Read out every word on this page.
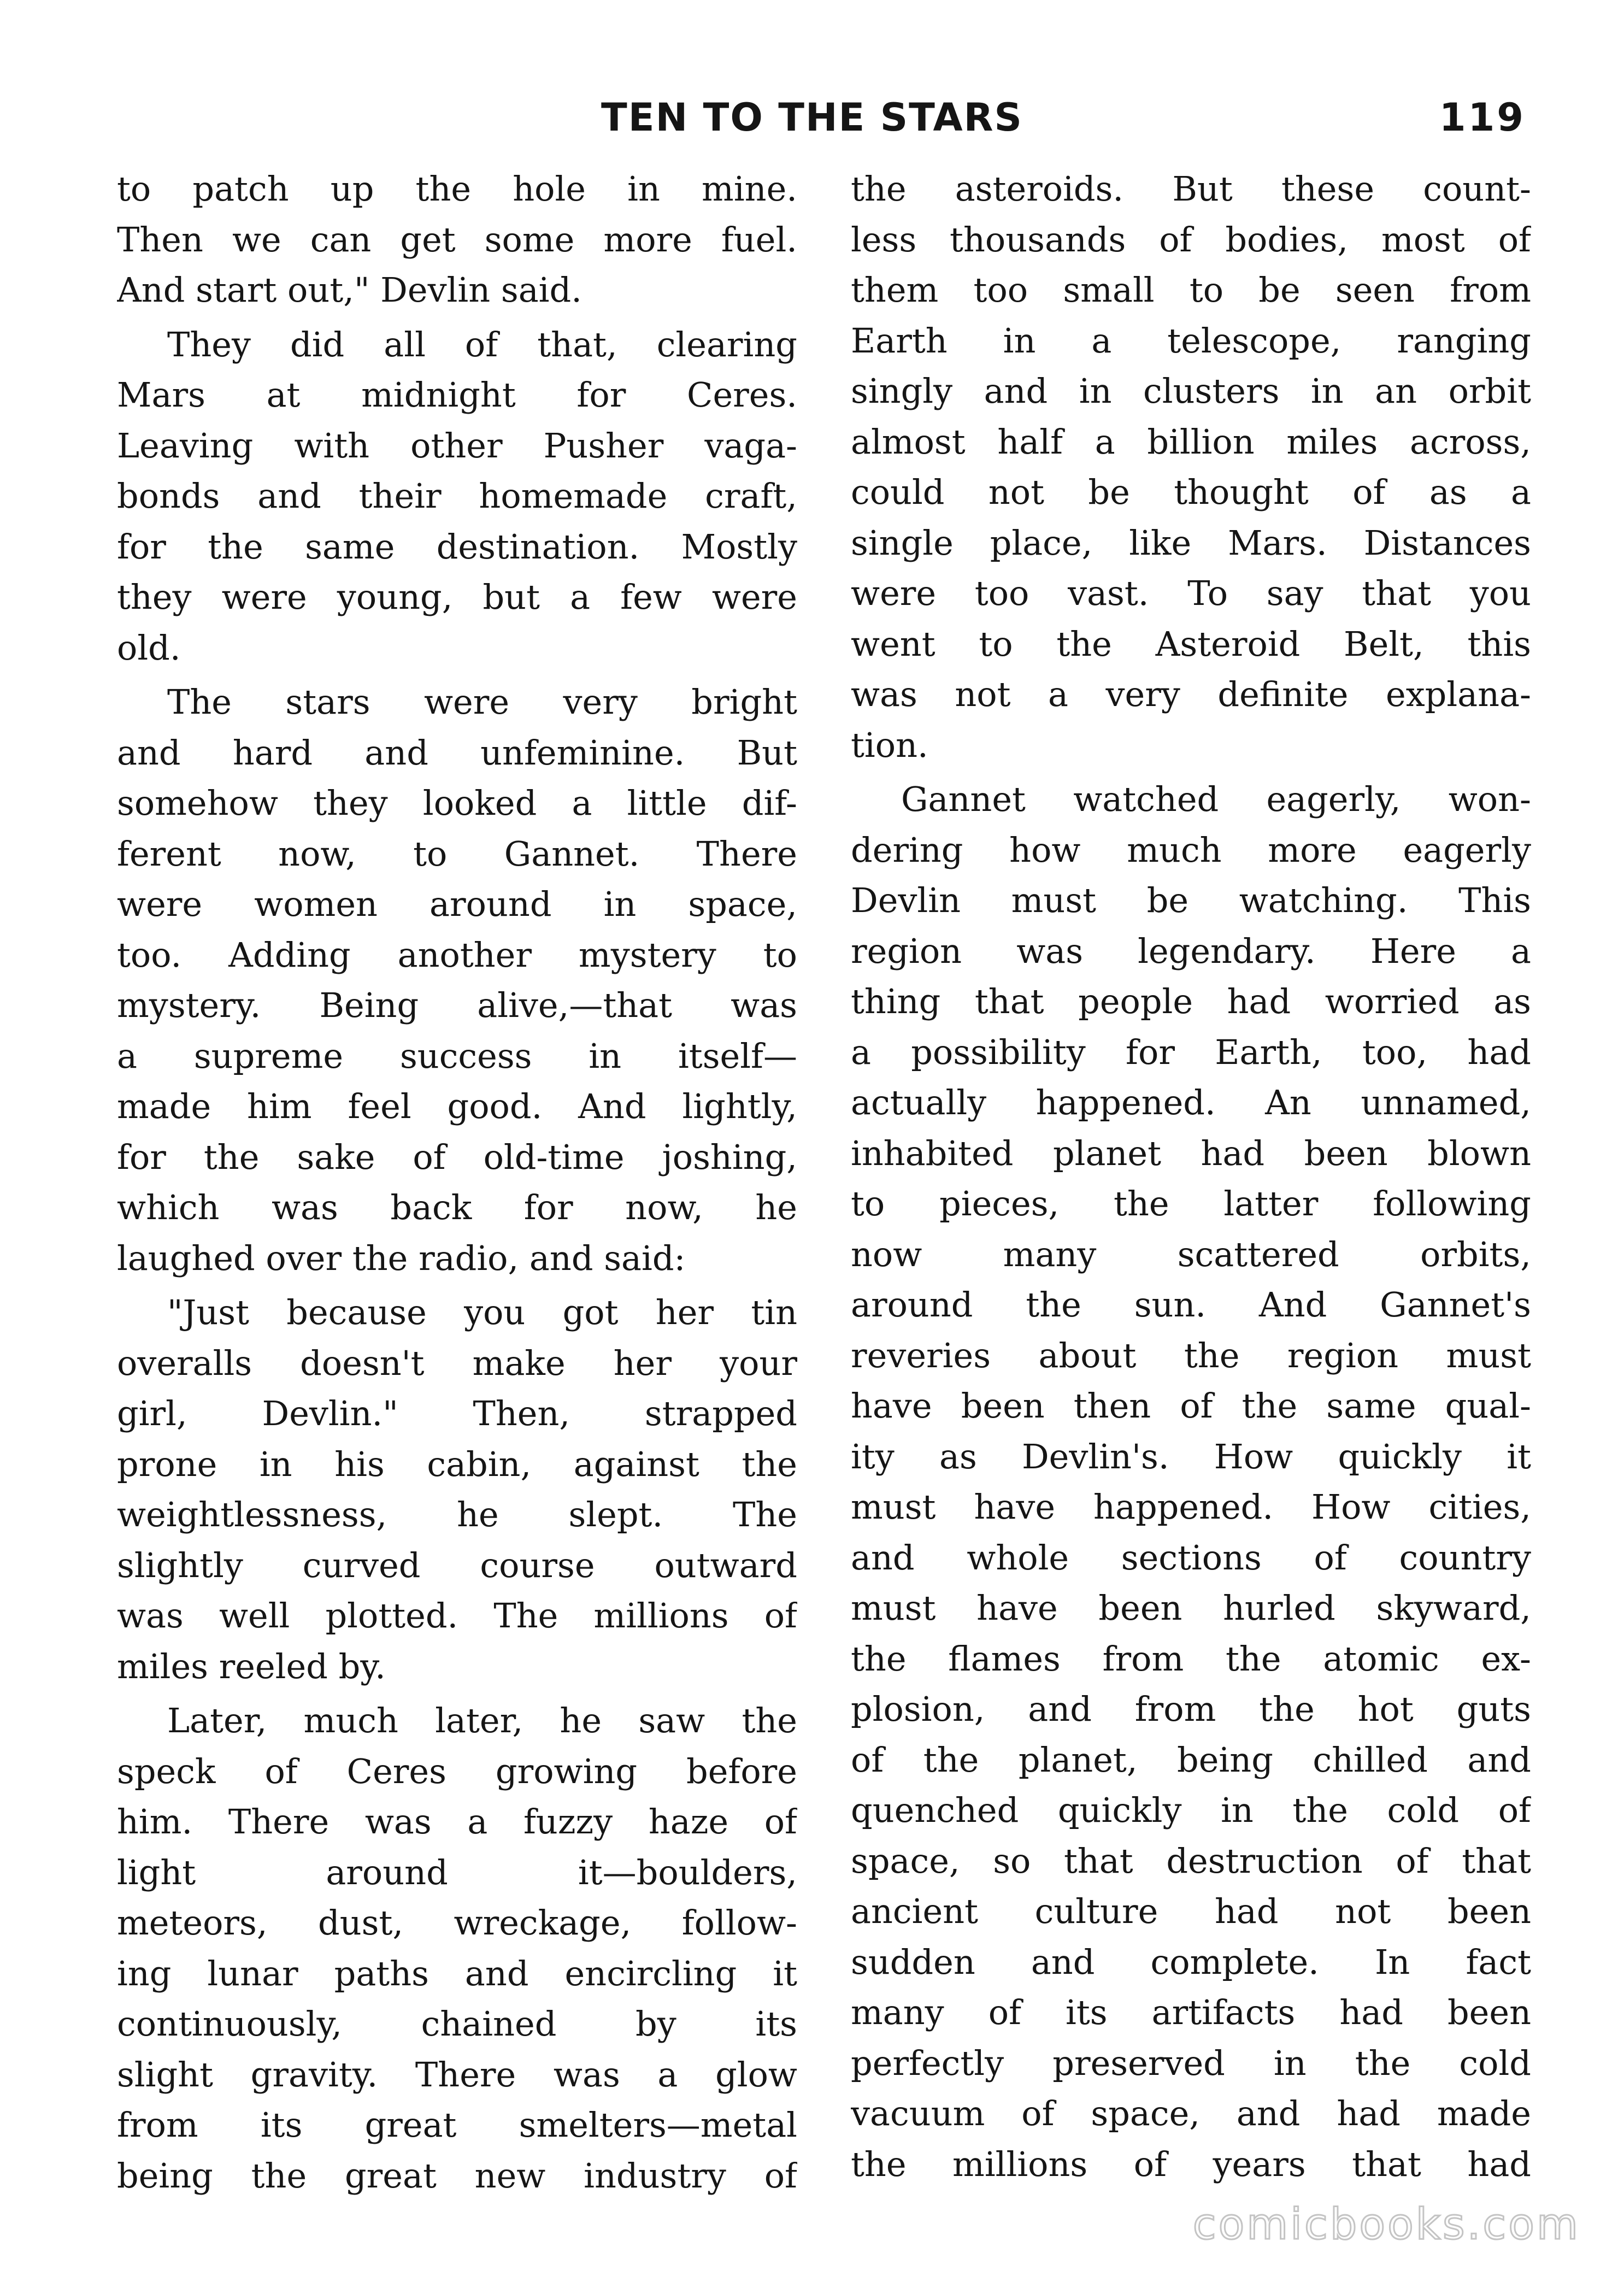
TEN TO THE STARS	119
to patch up the hole in mine.
Then we can get some more fuel.
And start out," Devlin said.
They did all of that, clearing
Mars at midnight for Ceres.
Leaving with other Pusher vaga-
bonds and their homemade craft,
for the same destination. Mostly
they were young, but a few were
old.
The stars were very bright
and hard and unfeminine. But
somehow they looked a little dif-
ferent now, to Gannet. There
were women around in space,
too. Adding another mystery to
mystery. Being alive,—that was
a supreme success in itself—
made him feel good. And lightly,
for the sake of old-time joshing,
which was back for now, he
laughed over the radio, and said:
"Just because you got her tin
overalls doesn't make her your
girl, Devlin." Then, strapped
prone in his cabin, against the
weightlessness, he slept. The
slightly curved course outward
was well plotted. The millions of
miles reeled by.
Later, much later, he saw the
speck of Ceres growing before
him. There was a fuzzy haze of
light around it—boulders,
meteors, dust, wreckage, follow-
ing lunar paths and encircling it
continuously, chained by its
slight gravity. There was a glow
from its great smelters—metal
being the great new industry of
the asteroids. But these count-
less thousands of bodies, most of
them too small to be seen from
Earth in a telescope, ranging
singly and in clusters in an orbit
almost half a billion miles across,
could not be thought of as a
single place, like Mars. Distances
were too vast. To say that you
went to the Asteroid Belt, this
was not a very definite explana-
tion.
Gannet watched eagerly, won-
dering how much more eagerly
Devlin must be watching. This
region was legendary. Here a
thing that people had worried as
a possibility for Earth, too, had
actually happened. An unnamed,
inhabited planet had been blown
to pieces, the latter following
now many scattered orbits,
around the sun. And Gannet's
reveries about the region must
have been then of the same qual-
ity as Devlin's. How quickly it
must have happened. How cities,
and whole sections of country
must have been hurled skyward,
the flames from the atomic ex-
plosion, and from the hot guts
of the planet, being chilled and
quenched quickly in the cold of
space, so that destruction of that
ancient culture had not been
sudden and complete. In fact
many of its artifacts had been
perfectly preserved in the cold
vacuum of space, and had made
the millions of years that had
comicbooks.com
